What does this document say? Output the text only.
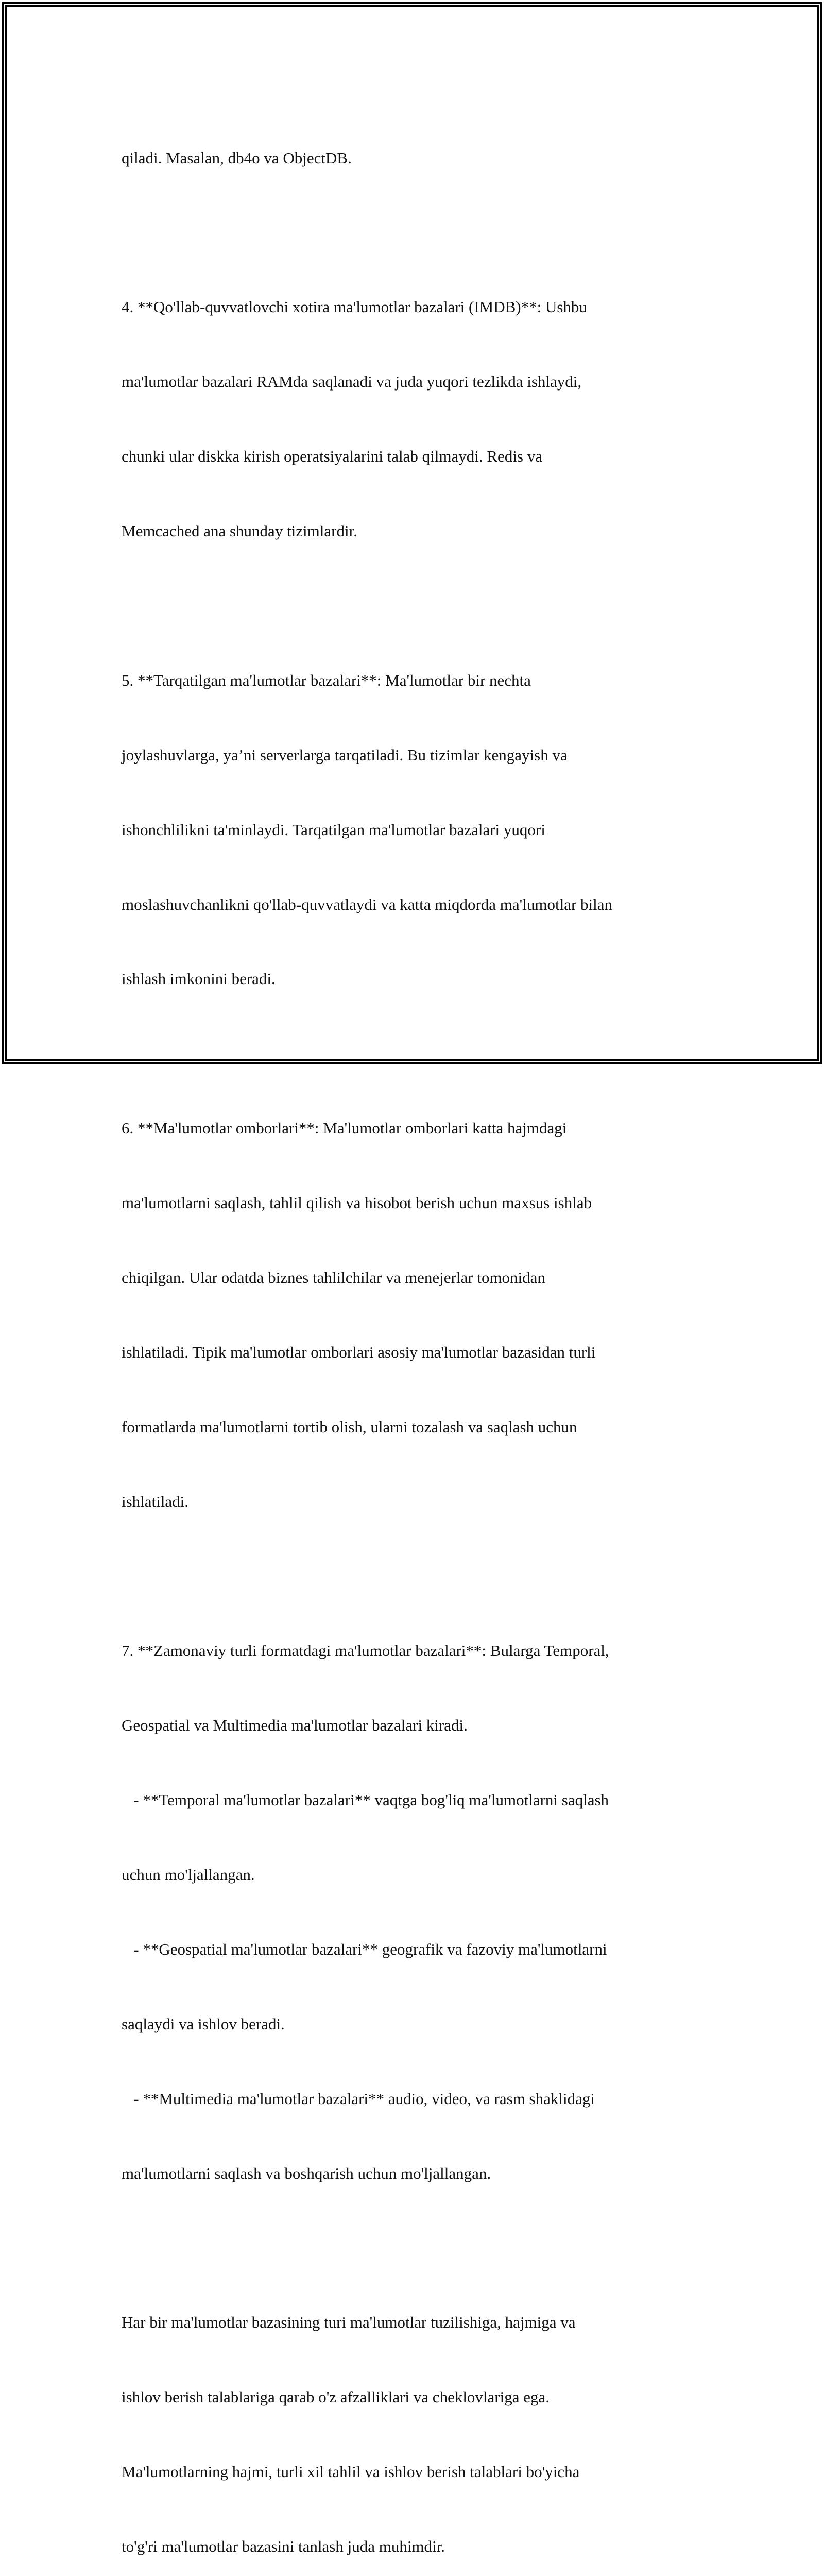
qiladi. Masalan, db4o va ObjectDB.

4. **Qo'llab-quvvatlovchi xotira ma'lumotlar bazalari (IMDB)**: Ushbu

ma'lumotlar bazalari RAMda saqlanadi va juda yuqori tezlikda ishlaydi,

chunki ular diskka kirish operatsiyalarini talab qilmaydi. Redis va

Memcached ana shunday tizimlardir.

5. **Tarqatilgan ma'lumotlar bazalari**: Ma'lumotlar bir nechta

joylashuvlarga, ya’ni serverlarga tarqatiladi. Bu tizimlar kengayish va

ishonchlilikni ta'minlaydi. Tarqatilgan ma'lumotlar bazalari yuqori

moslashuvchanlikni qo'llab-quvvatlaydi va katta miqdorda ma'lumotlar bilan

ishlash imkonini beradi.

6. **Ma'lumotlar omborlari**: Ma'lumotlar omborlari katta hajmdagi

ma'lumotlarni saqlash, tahlil qilish va hisobot berish uchun maxsus ishlab

chiqilgan. Ular odatda biznes tahlilchilar va menejerlar tomonidan

ishlatiladi. Tipik ma'lumotlar omborlari asosiy ma'lumotlar bazasidan turli

formatlarda ma'lumotlarni tortib olish, ularni tozalash va saqlash uchun

ishlatiladi.

7. **Zamonaviy turli formatdagi ma'lumotlar bazalari**: Bularga Temporal,

Geospatial va Multimedia ma'lumotlar bazalari kiradi.

- **Temporal ma'lumotlar bazalari** vaqtga bog'liq ma'lumotlarni saqlash

uchun mo'ljallangan.

- **Geospatial ma'lumotlar bazalari** geografik va fazoviy ma'lumotlarni

saqlaydi va ishlov beradi.

- **Multimedia ma'lumotlar bazalari** audio, video, va rasm shaklidagi

ma'lumotlarni saqlash va boshqarish uchun mo'ljallangan.

Har bir ma'lumotlar bazasining turi ma'lumotlar tuzilishiga, hajmiga va

ishlov berish talablariga qarab o'z afzalliklari va cheklovlariga ega.

Ma'lumotlarning hajmi, turli xil tahlil va ishlov berish talablari bo'yicha

to'g'ri ma'lumotlar bazasini tanlash juda muhimdir.
